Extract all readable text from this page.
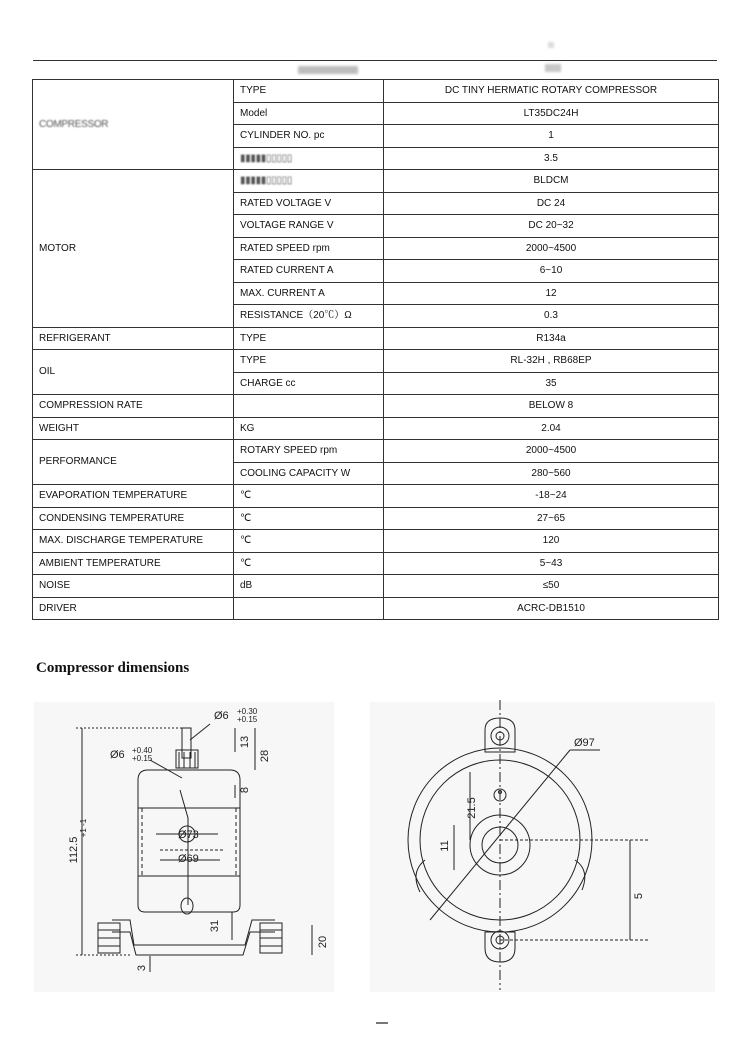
COMPRESSOR	TYPE	DC TINY HERMATIC ROTARY COMPRESSOR
	Model	LT35DC24H
	CYLINDER NO. pc	1
	▮▮▮▮▮▯▯▯▯▯	3.5
MOTOR	▮▮▮▮▮▯▯▯▯▯	BLDCM
	RATED VOLTAGE V	DC 24
	VOLTAGE RANGE V	DC 20~32
	RATED SPEED rpm	2000~4500
	RATED CURRENT A	6~10
	MAX. CURRENT A	12
	RESISTANCE（20℃）Ω	0.3
REFRIGERANT	TYPE	R134a
OIL	TYPE	RL-32H , RB68EP
	CHARGE cc	35
COMPRESSION RATE		BELOW 8
WEIGHT	KG	2.04
PERFORMANCE	ROTARY SPEED rpm	2000~4500
	COOLING CAPACITY W	280~560
EVAPORATION TEMPERATURE	℃	-18~24
CONDENSING TEMPERATURE	℃	27~65
MAX. DISCHARGE TEMPERATURE	℃	120
AMBIENT TEMPERATURE	℃	5~43
NOISE	dB	≤50
DRIVER		ACRC-DB1510
Compressor dimensions
112.5
+1 -1
13
28
8
31
20
3
Ø73
Ø69
Ø6 +0.30
+0.15
Ø6 +0.40
+0.15
Ø97
21.5
11
5
